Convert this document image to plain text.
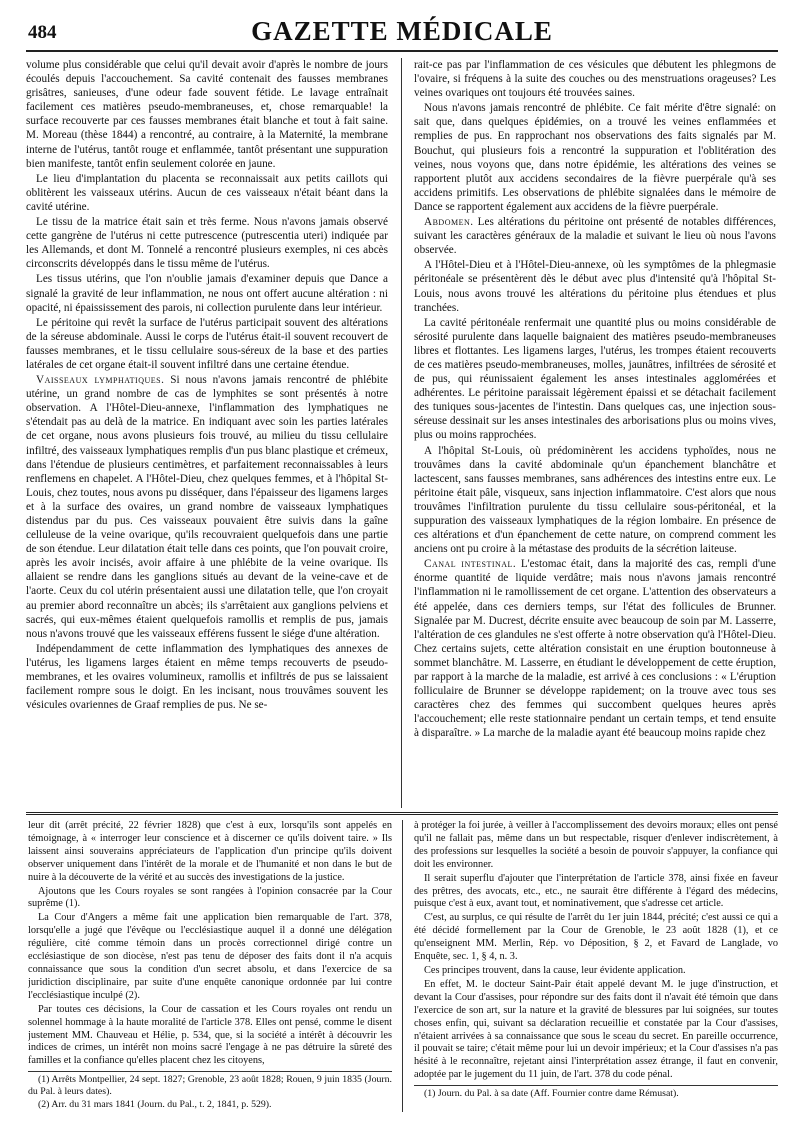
484	GAZETTE MÉDICALE

volume plus considérable que celui qu'il devait avoir d'après le nombre de jours écoulés depuis l'accouchement. Sa cavité contenait des fausses membranes grisâtres, sanieuses, d'une odeur fade souvent fétide. Le lavage entraînait facilement ces matières pseudo-membraneuses, et, chose remarquable! la surface recouverte par ces fausses membranes était blanche et tout à fait saine. M. Moreau (thèse 1844) a rencontré, au contraire, à la Maternité, la membrane interne de l'utérus, tantôt rouge et enflammée, tantôt présentant une suppuration bien manifeste, tantôt enfin seulement colorée en jaune.

Le lieu d'implantation du placenta se reconnaissait aux petits caillots qui oblitèrent les vaisseaux utérins. Aucun de ces vaisseaux n'était béant dans la cavité utérine.

Le tissu de la matrice était sain et très ferme. Nous n'avons jamais observé cette gangrène de l'utérus ni cette putrescence (putrescentia uteri) indiquée par les Allemands, et dont M. Tonnelé a rencontré plusieurs exemples, ni ces abcès circonscrits développés dans le tissu même de l'utérus.

Les tissus utérins, que l'on n'oublie jamais d'examiner depuis que Dance a signalé la gravité de leur inflammation, ne nous ont offert aucune altération : ni opacité, ni épaississement des parois, ni collection purulente dans leur intérieur.

Le péritoine qui revêt la surface de l'utérus participait souvent des altérations de la séreuse abdominale. Aussi le corps de l'utérus était-il souvent recouvert de fausses membranes, et le tissu cellulaire sous-séreux de la base et des parties latérales de cet organe était-il souvent infiltré dans une certaine étendue.

Vaisseaux lymphatiques. Si nous n'avons jamais rencontré de phlébite utérine, un grand nombre de cas de lymphites se sont présentés à notre observation. A l'Hôtel-Dieu-annexe, l'inflammation des lymphatiques ne s'étendait pas au delà de la matrice. En indiquant avec soin les parties latérales de cet organe, nous avons plusieurs fois trouvé, au milieu du tissu cellulaire infiltré, des vaisseaux lymphatiques remplis d'un pus blanc plastique et crémeux, dans l'étendue de plusieurs centimètres, et parfaitement reconnaissables à leurs renflemens en chapelet. A l'Hôtel-Dieu, chez quelques femmes, et à l'hôpital St-Louis, chez toutes, nous avons pu disséquer, dans l'épaisseur des ligamens larges et à la surface des ovaires, un grand nombre de vaisseaux lymphatiques distendus par du pus. Ces vaisseaux pouvaient être suivis dans la gaîne celluleuse de la veine ovarique, qu'ils recouvraient quelquefois dans une partie de son étendue. Leur dilatation était telle dans ces points, que l'on pouvait croire, après les avoir incisés, avoir affaire à une phlébite de la veine ovarique. Ils allaient se rendre dans les ganglions situés au devant de la veine-cave et de l'aorte. Ceux du col utérin présentaient aussi une dilatation telle, que l'on croyait au premier abord reconnaître un abcès; ils s'arrêtaient aux ganglions pelviens et sacrés, qui eux-mêmes étaient quelquefois ramollis et remplis de pus, jamais nous n'avons trouvé que les vaisseaux efférens fussent le siége d'une altération.

Indépendamment de cette inflammation des lymphatiques des annexes de l'utérus, les ligamens larges étaient en même temps recouverts de pseudo-membranes, et les ovaires volumineux, ramollis et infiltrés de pus se laissaient facilement rompre sous le doigt. En les incisant, nous trouvâmes souvent les vésicules ovariennes de Graaf remplies de pus. Ne se-

rait-ce pas par l'inflammation de ces vésicules que débutent les phlegmons de l'ovaire, si fréquens à la suite des couches ou des menstruations orageuses? Les veines ovariques ont toujours été trouvées saines.

Nous n'avons jamais rencontré de phlébite. Ce fait mérite d'être signalé: on sait que, dans quelques épidémies, on a trouvé les veines enflammées et remplies de pus. En rapprochant nos observations des faits signalés par M. Bouchut, qui plusieurs fois a rencontré la suppuration et l'oblitération des veines, nous voyons que, dans notre épidémie, les altérations des veines se rapportent plutôt aux accidens secondaires de la fièvre puerpérale qu'à ses accidens primitifs. Les observations de phlébite signalées dans le mémoire de Dance se rapportent également aux accidens de la fièvre puerpérale.

Abdomen. Les altérations du péritoine ont présenté de notables différences, suivant les caractères généraux de la maladie et suivant le lieu où nous l'avons observée.

A l'Hôtel-Dieu et à l'Hôtel-Dieu-annexe, où les symptômes de la phlegmasie péritonéale se présentèrent dès le début avec plus d'intensité qu'à l'hôpital St-Louis, nous avons trouvé les altérations du péritoine plus étendues et plus tranchées.

La cavité péritonéale renfermait une quantité plus ou moins considérable de sérosité purulente dans laquelle baignaient des matières pseudo-membraneuses libres et flottantes. Les ligamens larges, l'utérus, les trompes étaient recouverts de ces matières pseudo-membraneuses, molles, jaunâtres, infiltrées de sérosité et de pus, qui réunissaient également les anses intestinales agglomérées et adhérentes. Le péritoine paraissait légèrement épaissi et se détachait facilement des tuniques sous-jacentes de l'intestin. Dans quelques cas, une injection sous-séreuse dessinait sur les anses intestinales des arborisations plus ou moins vives, plus ou moins rapprochées.

A l'hôpital St-Louis, où prédominèrent les accidens typhoïdes, nous ne trouvâmes dans la cavité abdominale qu'un épanchement blanchâtre et lactescent, sans fausses membranes, sans adhérences des intestins entre eux. Le péritoine était pâle, visqueux, sans injection inflammatoire. C'est alors que nous trouvâmes l'infiltration purulente du tissu cellulaire sous-péritonéal, et la suppuration des vaisseaux lymphatiques de la région lombaire. En présence de ces altérations et d'un épanchement de cette nature, on comprend comment les anciens ont pu croire à la métastase des produits de la sécrétion laiteuse.

Canal intestinal. L'estomac était, dans la majorité des cas, rempli d'une énorme quantité de liquide verdâtre; mais nous n'avons jamais rencontré l'inflammation ni le ramollissement de cet organe. L'attention des observateurs a été appelée, dans ces derniers temps, sur l'état des follicules de Brunner. Signalée par M. Ducrest, décrite ensuite avec beaucoup de soin par M. Lasserre, l'altération de ces glandules ne s'est offerte à notre observation qu'à l'Hôtel-Dieu. Chez certains sujets, cette altération consistait en une éruption boutonneuse à sommet blanchâtre. M. Lasserre, en étudiant le développement de cette éruption, par rapport à la marche de la maladie, est arrivé à ces conclusions : « L'éruption folliculaire de Brunner se développe rapidement; on la trouve avec tous ses caractères chez des femmes qui succombent quelques heures après l'accouchement; elle reste stationnaire pendant un certain temps, et tend ensuite à disparaître. » La marche de la maladie ayant été beaucoup moins rapide chez

leur dit (arrêt précité, 22 février 1828) que c'est à eux, lorsqu'ils sont appelés en témoignage, à « interroger leur conscience et à discerner ce qu'ils doivent taire. » Ils laissent ainsi souverains appréciateurs de l'application d'un principe qu'ils doivent observer uniquement dans l'intérêt de la morale et de l'humanité et non dans le but de nuire à la découverte de la vérité et au succès des investigations de la justice.

Ajoutons que les Cours royales se sont rangées à l'opinion consacrée par la Cour suprême (1).

La Cour d'Angers a même fait une application bien remarquable de l'art. 378, lorsqu'elle a jugé que l'évêque ou l'ecclésiastique auquel il a donné une délégation régulière, cité comme témoin dans un procès correctionnel dirigé contre un ecclésiastique de son diocèse, n'est pas tenu de déposer des faits dont il n'a acquis connaissance que sous la condition d'un secret absolu, et dans l'exercice de sa juridiction disciplinaire, par suite d'une enquête canonique ordonnée par lui contre l'ecclésiastique inculpé (2).

Par toutes ces décisions, la Cour de cassation et les Cours royales ont rendu un solennel hommage à la haute moralité de l'article 378. Elles ont pensé, comme le disent justement MM. Chauveau et Hélie, p. 534, que, si la société a intérêt à découvrir les indices de crimes, un intérêt non moins sacré l'engage à ne pas détruire la sûreté des familles et la confiance qu'elles placent chez les citoyens,

(1) Arrêts Montpellier, 24 sept. 1827; Grenoble, 23 août 1828; Rouen, 9 juin 1835 (Journ. du Pal. à leurs dates).

(2) Arr. du 31 mars 1841 (Journ. du Pal., t. 2, 1841, p. 529).

à protéger la foi jurée, à veiller à l'accomplissement des devoirs moraux; elles ont pensé qu'il ne fallait pas, même dans un but respectable, risquer d'enlever indiscrètement, à des professions sur lesquelles la société a besoin de pouvoir s'appuyer, la confiance qui doit les environner.

Il serait superflu d'ajouter que l'interprétation de l'article 378, ainsi fixée en faveur des prêtres, des avocats, etc., etc., ne saurait être différente à l'égard des médecins, puisque c'est à eux, avant tout, et nominativement, que s'adresse cet article.

C'est, au surplus, ce qui résulte de l'arrêt du 1er juin 1844, précité; c'est aussi ce qui a été décidé formellement par la Cour de Grenoble, le 23 août 1828 (1), et ce qu'enseignent MM. Merlin, Rép. vo Déposition, § 2, et Favard de Langlade, vo Enquête, sec. 1, § 4, n. 3.

Ces principes trouvent, dans la cause, leur évidente application.

En effet, M. le docteur Saint-Pair était appelé devant M. le juge d'instruction, et devant la Cour d'assises, pour répondre sur des faits dont il n'avait été témoin que dans l'exercice de son art, sur la nature et la gravité de blessures par lui soignées, sur toutes choses enfin, qui, suivant sa déclaration recueillie et constatée par la Cour d'assises, n'étaient arrivées à sa connaissance que sous le sceau du secret. En pareille occurrence, il pouvait se taire; c'était même pour lui un devoir impérieux; et la Cour d'assises n'a pas hésité à le reconnaître, rejetant ainsi l'interprétation assez étrange, il faut en convenir, adoptée par le jugement du 11 juin, de l'art. 378 du code pénal.

(1) Journ. du Pal. à sa date (Aff. Fournier contre dame Rémusat).
